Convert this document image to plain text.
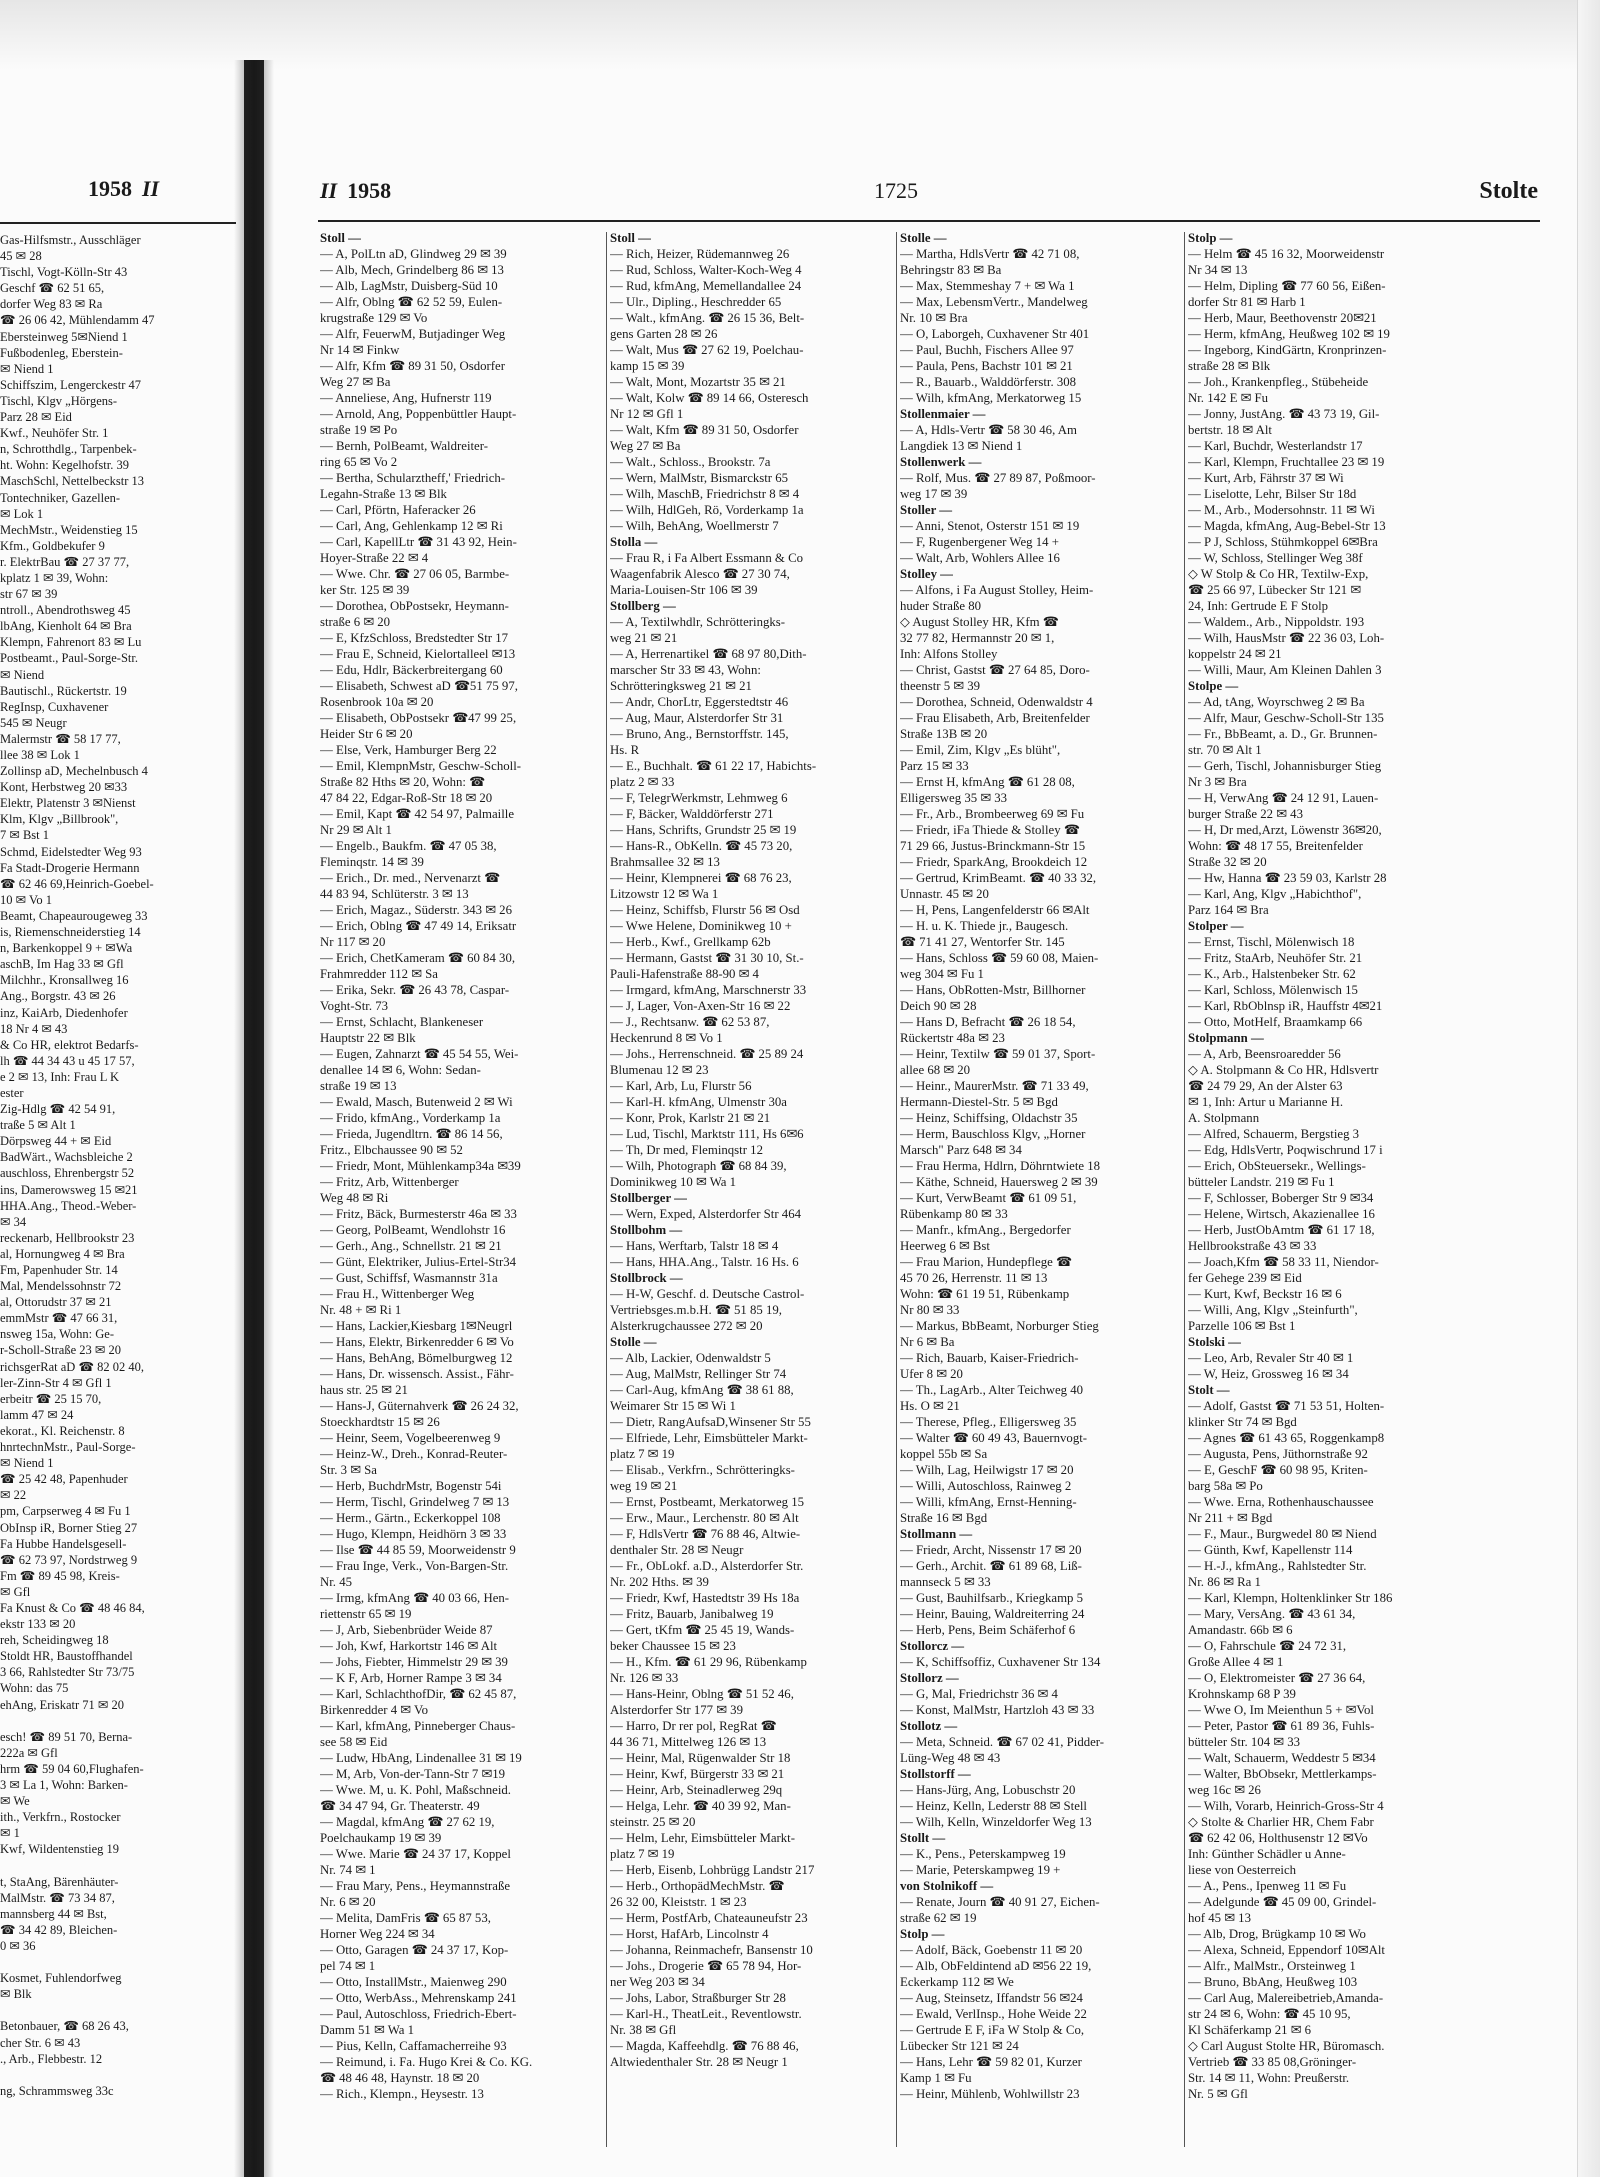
1958 II
Gas-Hilfsmstr., Ausschläger
45 ✉ 28
Tischl, Vogt-Kölln-Str 43
Geschf ☎ 62 51 65,
dorfer Weg 83 ✉ Ra
☎ 26 06 42, Mühlendamm 47
Ebersteinweg 5✉Niend 1
Fußbodenleg, Eberstein-
✉ Niend 1
Schiffszim, Lengerckestr 47
Tischl, Klgv „Hörgens-
Parz 28 ✉ Eid
Kwf., Neuhöfer Str. 1
n, Schrotthdlg., Tarpenbek-
ht. Wohn: Kegelhofstr. 39
MaschSchl, Nettelbeckstr 13
Tontechniker, Gazellen-
✉ Lok 1
MechMstr., Weidenstieg 15
Kfm., Goldbekufer 9
r. ElektrBau ☎ 27 37 77,
kplatz 1 ✉ 39, Wohn:
str 67 ✉ 39
ntroll., Abendrothsweg 45
lbAng, Kienholt 64 ✉ Bra
Klempn, Fahrenort 83 ✉ Lu
Postbeamt., Paul-Sorge-Str.
✉ Niend
Bautischl., Rückertstr. 19
RegInsp, Cuxhavener
545 ✉ Neugr
Malermstr ☎ 58 17 77,
llee 38 ✉ Lok 1
Zollinsp aD, Mechelnbusch 4
Kont, Herbstweg 20 ✉33
Elektr, Platenstr 3 ✉Nienst
Klm, Klgv „Billbrook",
7 ✉ Bst 1
Schmd, Eidelstedter Weg 93
Fa Stadt-Drogerie Hermann
☎ 62 46 69,Heinrich-Goebel-
10 ✉ Vo 1
Beamt, Chapeaurougeweg 33
is, Riemenschneiderstieg 14
n, Barkenkoppel 9 + ✉Wa
aschB, Im Hag 33 ✉ Gfl
Milchhr., Kronsallweg 16
Ang., Borgstr. 43 ✉ 26
inz, KaiArb, Diedenhofer
18 Nr 4 ✉ 43
& Co HR, elektrot Bedarfs-
lh ☎ 44 34 43 u 45 17 57,
e 2 ✉ 13, Inh: Frau L K
ester
Zig-Hdlg ☎ 42 54 91,
traße 5 ✉ Alt 1
Dörpsweg 44 + ✉ Eid
BadWärt., Wachsbleiche 2
auschloss, Ehrenbergstr 52
ins, Damerowsweg 15 ✉21
HHA.Ang., Theod.-Weber-
✉ 34
reckenarb, Hellbrookstr 23
al, Hornungweg 4 ✉ Bra
Fm, Papenhuder Str. 14
Mal, Mendelssohnstr 72
al, Ottorudstr 37 ✉ 21
emmMstr ☎ 47 66 31,
nsweg 15a, Wohn: Ge-
r-Scholl-Straße 23 ✉ 20
richsgerRat aD ☎ 82 02 40,
ler-Zinn-Str 4 ✉ Gfl 1
erbeitr ☎ 25 15 70,
lamm 47 ✉ 24
ekorat., Kl. Reichenstr. 8
hnrtechnMstr., Paul-Sorge-
✉ Niend 1
☎ 25 42 48, Papenhuder
✉ 22
pm, Carpserweg 4 ✉ Fu 1
ObInsp iR, Borner Stieg 27
Fa Hubbe Handelsgesell-
☎ 62 73 97, Nordstrweg 9
Fm ☎ 89 45 98, Kreis-
✉ Gfl
Fa Knust & Co ☎ 48 46 84,
ekstr 133 ✉ 20
reh, Scheidingweg 18
Stoldt HR, Baustoffhandel
3 66, Rahlstedter Str 73/75
Wohn: das 75
ehAng, Eriskatr 71 ✉ 20

esch! ☎ 89 51 70, Berna-
222a ✉ Gfl
hrm ☎ 59 04 60,Flughafen-
3 ✉ La 1, Wohn: Barken-
✉ We
ith., Verkfrn., Rostocker
✉ 1
Kwf, Wildentenstieg 19

t, StaAng, Bärenhäuter-
MalMstr. ☎ 73 34 87,
mannsberg 44 ✉ Bst,
☎ 34 42 89, Bleichen-
0 ✉ 36

Kosmet, Fuhlendorfweg
✉ Blk

Betonbauer, ☎ 68 26 43,
cher Str. 6 ✉ 43
., Arb., Flebbestr. 12

ng, Schrammsweg 33c
II 1958	1725	Stolte
Stoll —
— A, PolLtn aD, Glindweg 29 ✉ 39
— Alb, Mech, Grindelberg 86 ✉ 13
— Alb, LagMstr, Duisberg-Süd 10
— Alfr, Oblng ☎ 62 52 59, Eulen-
krugstraße 129 ✉ Vo
— Alfr, FeuerwM, Butjadinger Weg
Nr 14 ✉ Finkw
— Alfr, Kfm ☎ 89 31 50, Osdorfer
Weg 27 ✉ Ba
— Anneliese, Ang, Hufnerstr 119
— Arnold, Ang, Poppenbüttler Haupt-
straße 19 ✉ Po
— Bernh, PolBeamt, Waldreiter-
ring 65 ✉ Vo 2
— Bertha, Schularztheff,' Friedrich-
Legahn-Straße 13 ✉ Blk
— Carl, Pförtn, Haferacker 26
— Carl, Ang, Gehlenkamp 12 ✉ Ri
— Carl, KapellLtr ☎ 31 43 92, Hein-
Hoyer-Straße 22 ✉ 4
— Wwe. Chr. ☎ 27 06 05, Barmbe-
ker Str. 125 ✉ 39
— Dorothea, ObPostsekr, Heymann-
straße 6 ✉ 20
— E, KfzSchloss, Bredstedter Str 17
— Frau E, Schneid, Kielortalleel ✉13
— Edu, Hdlr, Bäckerbreitergang 60
— Elisabeth, Schwest aD ☎51 75 97,
Rosenbrook 10a ✉ 20
— Elisabeth, ObPostsekr ☎47 99 25,
Heider Str 6 ✉ 20
— Else, Verk, Hamburger Berg 22
— Emil, KlempnMstr, Geschw-Scholl-
Straße 82 Hths ✉ 20, Wohn: ☎
47 84 22, Edgar-Roß-Str 18 ✉ 20
— Emil, Kapt ☎ 42 54 97, Palmaille
Nr 29 ✉ Alt 1
— Engelb., Baukfm. ☎ 47 05 38,
Fleminqstr. 14 ✉ 39
— Erich., Dr. med., Nervenarzt ☎
44 83 94, Schlüterstr. 3 ✉ 13
— Erich, Magaz., Süderstr. 343 ✉ 26
— Erich, Oblng ☎ 47 49 14, Eriksatr
Nr 117 ✉ 20
— Erich, ChetKameram ☎ 60 84 30,
Frahmredder 112 ✉ Sa
— Erika, Sekr. ☎ 26 43 78, Caspar-
Voght-Str. 73
— Ernst, Schlacht, Blankeneser
Hauptstr 22 ✉ Blk
— Eugen, Zahnarzt ☎ 45 54 55, Wei-
denallee 14 ✉ 6, Wohn: Sedan-
straße 19 ✉ 13
— Ewald, Masch, Butenweid 2 ✉ Wi
— Frido, kfmAng., Vorderkamp 1a
— Frieda, Jugendltrn. ☎ 86 14 56,
Fritz., Elbchaussee 90 ✉ 52
— Friedr, Mont, Mühlenkamp34a ✉39
— Fritz, Arb, Wittenberger
Weg 48 ✉ Ri
— Fritz, Bäck, Burmesterstr 46a ✉ 33
— Georg, PolBeamt, Wendlohstr 16
— Gerh., Ang., Schnellstr. 21 ✉ 21
— Günt, Elektriker, Julius-Ertel-Str34
— Gust, Schiffsf, Wasmannstr 31a
— Frau H., Wittenberger Weg
Nr. 48 + ✉ Ri 1
— Hans, Lackier,Kiesbarg 1✉Neugrl
— Hans, Elektr, Birkenredder 6 ✉ Vo
— Hans, BehAng, Bömelburgweg 12
— Hans, Dr. wissensch. Assist., Fähr-
haus str. 25 ✉ 21
— Hans-J, Güternahverk ☎ 26 24 32,
Stoeckhardtstr 15 ✉ 26
— Heinr, Seem, Vogelbeerenweg 9
— Heinz-W., Dreh., Konrad-Reuter-
Str. 3 ✉ Sa
— Herb, BuchdrMstr, Bogenstr 54i
— Herm, Tischl, Grindelweg 7 ✉ 13
— Herm., Gärtn., Eckerkoppel 108
— Hugo, Klempn, Heidhörn 3 ✉ 33
— Ilse ☎ 44 85 59, Moorweidenstr 9
— Frau Inge, Verk., Von-Bargen-Str.
Nr. 45
— Irmg, kfmAng ☎ 40 03 66, Hen-
riettenstr 65 ✉ 19
— J, Arb, Siebenbrüder Weide 87
— Joh, Kwf, Harkortstr 146 ✉ Alt
— Johs, Fiebter, Himmelstr 29 ✉ 39
— K F, Arb, Horner Rampe 3 ✉ 34
— Karl, SchlachthofDir, ☎ 62 45 87,
Birkenredder 4 ✉ Vo
— Karl, kfmAng, Pinneberger Chaus-
see 58 ✉ Eid
— Ludw, HbAng, Lindenallee 31 ✉ 19
— M, Arb, Von-der-Tann-Str 7 ✉19
— Wwe. M, u. K. Pohl, Maßschneid.
☎ 34 47 94, Gr. Theaterstr. 49
— Magdal, kfmAng ☎ 27 62 19,
Poelchaukamp 19 ✉ 39
— Wwe. Marie ☎ 24 37 17, Koppel
Nr. 74 ✉ 1
— Frau Mary, Pens., Heymannstraße
Nr. 6 ✉ 20
— Melita, DamFris ☎ 65 87 53,
Horner Weg 224 ✉ 34
— Otto, Garagen ☎ 24 37 17, Kop-
pel 74 ✉ 1
— Otto, InstallMstr., Maienweg 290
— Otto, WerbAss., Mehrenskamp 241
— Paul, Autoschloss, Friedrich-Ebert-
Damm 51 ✉ Wa 1
— Pius, Kelln, Caffamacherreihe 93
— Reimund, i. Fa. Hugo Krei & Co. KG.
☎ 48 46 48, Haynstr. 18 ✉ 20
— Rich., Klempn., Heysestr. 13
Stoll —
— Rich, Heizer, Rüdemannweg 26
— Rud, Schloss, Walter-Koch-Weg 4
— Rud, kfmAng, Memellandallee 24
— Ulr., Diplіng., Heschredder 65
— Walt., kfmAng. ☎ 26 15 36, Belt-
gens Garten 28 ✉ 26
— Walt, Mus ☎ 27 62 19, Poelchau-
kamp 15 ✉ 39
— Walt, Mont, Mozartstr 35 ✉ 21
— Walt, Kolw ☎ 89 14 66, Osteresch
Nr 12 ✉ Gfl 1
— Walt, Kfm ☎ 89 31 50, Osdorfer
Weg 27 ✉ Ba
— Walt., Schloss., Brookstr. 7a
— Wern, MalMstr, Bismarckstr 65
— Wilh, MaschB, Friedrichstr 8 ✉ 4
— Wilh, HdlGeh, Rö, Vorderkamp 1a
— Wilh, BehAng, Woellmerstr 7
Stolla —
— Frau R, i Fa Albert Essmann & Co
Waagenfabrik Alesco ☎ 27 30 74,
Maria-Louisen-Str 106 ✉ 39
Stollberg —
— A, Textilwhdlr, Schrötteringks-
weg 21 ✉ 21
— A, Herrenartikel ☎ 68 97 80,Dith-
marscher Str 33 ✉ 43, Wohn:
Schrötteringksweg 21 ✉ 21
— Andr, ChorLtr, Eggerstedtstr 46
— Aug, Maur, Alsterdorfer Str 31
— Bruno, Ang., Bernstorffstr. 145,
Hs. R
— E., Buchhalt. ☎ 61 22 17, Habichts-
platz 2 ✉ 33
— F, TelegrWerkmstr, Lehmweg 6
— F, Bäcker, Walddörferstr 271
— Hans, Schrifts, Grundstr 25 ✉ 19
— Hans-R., ObKelln. ☎ 45 73 20,
Brahmsallee 32 ✉ 13
— Heinr, Klempnerei ☎ 68 76 23,
Litzowstr 12 ✉ Wa 1
— Heinz, Schiffsb, Flurstr 56 ✉ Osd
— Wwe Helene, Dominikweg 10 +
— Herb., Kwf., Grellkamp 62b
— Hermann, Gastst ☎ 31 30 10, St.-
Pauli-Hafenstraße 88-90 ✉ 4
— Irmgard, kfmAng, Marschnerstr 33
— J, Lager, Von-Axen-Str 16 ✉ 22
— J., Rechtsanw. ☎ 62 53 87,
Heckenrund 8 ✉ Vo 1
— Johs., Herrenschneid. ☎ 25 89 24
Blumenau 12 ✉ 23
— Karl, Arb, Lu, Flurstr 56
— Karl-H. kfmAng, Ulmenstr 30a
— Konr, Prok, Karlstr 21 ✉ 21
— Lud, Tischl, Marktstr 111, Hs 6✉6
— Th, Dr med, Fleminqstr 12
— Wilh, Photograph ☎ 68 84 39,
Dominikweg 10 ✉ Wa 1
Stollberger —
— Wern, Exped, Alsterdorfer Str 464
Stollbohm —
— Hans, Werftarb, Talstr 18 ✉ 4
— Hans, HHA.Ang., Talstr. 16 Hs. 6
Stollbrock —
— H-W, Geschf. d. Deutsche Castrol-
Vertriebsges.m.b.H. ☎ 51 85 19,
Alsterkrugchaussee 272 ✉ 20
Stolle —
— Alb, Lackier, Odenwaldstr 5
— Aug, MalMstr, Rellinger Str 74
— Carl-Aug, kfmAng ☎ 38 61 88,
Weimarer Str 15 ✉ Wi 1
— Dietr, RangAufsaD,Winsener Str 55
— Elfriede, Lehr, Eimsbütteler Markt-
platz 7 ✉ 19
— Elisab., Verkfrn., Schrötteringks-
weg 19 ✉ 21
— Ernst, Postbeamt, Merkatorweg 15
— Erw., Maur., Lerchenstr. 80 ✉ Alt
— F, HdlsVertr ☎ 76 88 46, Altwie-
denthaler Str. 28 ✉ Neugr
— Fr., ObLokf. a.D., Alsterdorfer Str.
Nr. 202 Hths. ✉ 39
— Friedr, Kwf, Hastedtstr 39 Hs 18a
— Fritz, Bauarb, Janibalweg 19
— Gert, tKfm ☎ 25 45 19, Wands-
beker Chaussee 15 ✉ 23
— H., Kfm. ☎ 61 29 96, Rübenkamp
Nr. 126 ✉ 33
— Hans-Heinr, Oblng ☎ 51 52 46,
Alsterdorfer Str 177 ✉ 39
— Harro, Dr rer pol, RegRat ☎
44 36 71, Mittelweg 126 ✉ 13
— Heinr, Mal, Rügenwalder Str 18
— Heinr, Kwf, Bürgerstr 33 ✉ 21
— Heinr, Arb, Steinadlerweg 29q
— Helga, Lehr. ☎ 40 39 92, Man-
steinstr. 25 ✉ 20
— Helm, Lehr, Eimsbütteler Markt-
platz 7 ✉ 19
— Herb, Eisenb, Lohbrügg Landstr 217
— Herb., OrthopädMechMstr. ☎
26 32 00, Kleiststr. 1 ✉ 23
— Herm, PostfArb, Chateauneufstr 23
— Horst, HafArb, Lincolnstr 4
— Johanna, Reinmachefr, Bansenstr 10
— Johs., Drogerie ☎ 65 78 94, Hor-
ner Weg 203 ✉ 34
— Johs, Labor, Straßburger Str 28
— Karl-H., TheatLeit., Reventlowstr.
Nr. 38 ✉ Gfl
— Magda, Kaffeehdlg. ☎ 76 88 46,
Altwiedenthaler Str. 28 ✉ Neugr 1
Stolle —
— Martha, HdlsVertr ☎ 42 71 08,
Behringstr 83 ✉ Ba
— Max, Stemmeshay 7 + ✉ Wa 1
— Max, LebensmVertr., Mandelweg
Nr. 10 ✉ Bra
— O, Laborgeh, Cuxhavener Str 401
— Paul, Buchh, Fischers Allee 97
— Paula, Pens, Bachstr 101 ✉ 21
— R., Bauarb., Walddörferstr. 308
— Wilh, kfmAng, Merkatorweg 15
Stollenmaier —
— A, Hdls-Vertr ☎ 58 30 46, Am
Langdiek 13 ✉ Niend 1
Stollenwerk —
— Rolf, Mus. ☎ 27 89 87, Poßmoor-
weg 17 ✉ 39
Stoller —
— Anni, Stenot, Osterstr 151 ✉ 19
— F, Rugenbergener Weg 14 +
— Walt, Arb, Wohlers Allee 16
Stolley —
— Alfons, i Fa August Stolley, Heim-
huder Straße 80
◇ August Stolley HR, Kfm ☎
32 77 82, Hermannstr 20 ✉ 1,
Inh: Alfons Stolley
— Christ, Gastst ☎ 27 64 85, Doro-
theenstr 5 ✉ 39
— Dorothea, Schneid, Odenwaldstr 4
— Frau Elisabeth, Arb, Breitenfelder
Straße 13B ✉ 20
— Emil, Zim, Klgv „Es blüht",
Parz 15 ✉ 33
— Ernst H, kfmAng ☎ 61 28 08,
Elligersweg 35 ✉ 33
— Fr., Arb., Brombeerweg 69 ✉ Fu
— Friedr, iFa Thiede & Stolley ☎
71 29 66, Justus-Brinckmann-Str 15
— Friedr, SparkAng, Brookdeich 12
— Gertrud, KrimBeamt. ☎ 40 33 32,
Unnastr. 45 ✉ 20
— H, Pens, Langenfelderstr 66 ✉Alt
— H. u. K. Thiede jr., Baugesch.
☎ 71 41 27, Wentorfer Str. 145
— Hans, Schloss ☎ 59 60 08, Maien-
weg 304 ✉ Fu 1
— Hans, ObRotten-Mstr, Billhorner
Deich 90 ✉ 28
— Hans D, Befracht ☎ 26 18 54,
Rückertstr 48a ✉ 23
— Heinr, Textilw ☎ 59 01 37, Sport-
allee 68 ✉ 20
— Heinr., MaurerMstr. ☎ 71 33 49,
Hermann-Diestel-Str. 5 ✉ Bgd
— Heinz, Schiffsing, Oldachstr 35
— Herm, Bauschloss Klgv, „Horner
Marsch" Parz 648 ✉ 34
— Frau Herma, Hdlrn, Döhrntwiete 18
— Käthe, Schneid, Hauersweg 2 ✉ 39
— Kurt, VerwBeamt ☎ 61 09 51,
Rübenkamp 80 ✉ 33
— Manfr., kfmAng., Bergedorfer
Heerweg 6 ✉ Bst
— Frau Marion, Hundepflege ☎
45 70 26, Herrenstr. 11 ✉ 13
Wohn: ☎ 61 19 51, Rübenkamp
Nr 80 ✉ 33
— Markus, BbBeamt, Norburger Stieg
Nr 6 ✉ Ba
— Rich, Bauarb, Kaiser-Friedrich-
Ufer 8 ✉ 20
— Th., LagArb., Alter Teichweg 40
Hs. O ✉ 21
— Therese, Pfleg., Elligersweg 35
— Walter ☎ 60 49 43, Bauernvogt-
koppel 55b ✉ Sa
— Wilh, Lag, Heilwigstr 17 ✉ 20
— Willi, Autoschloss, Rainweg 2
— Willi, kfmAng, Ernst-Henning-
Straße 16 ✉ Bgd
Stollmann —
— Friedr, Archt, Nissenstr 17 ✉ 20
— Gerh., Archit. ☎ 61 89 68, Liß-
mannseck 5 ✉ 33
— Gust, Bauhilfsarb., Kriegkamp 5
— Heinr, Bauing, Waldreiterring 24
— Herb, Pens, Beim Schäferhof 6
Stollorcz —
— K, Schiffsoffiz, Cuxhavener Str 134
Stollorz —
— G, Mal, Friedrichstr 36 ✉ 4
— Konst, MalMstr, Hartzloh 43 ✉ 33
Stollotz —
— Meta, Schneid. ☎ 67 02 41, Pidder-
Lüng-Weg 48 ✉ 43
Stollstorff —
— Hans-Jürg, Ang, Lobuschstr 20
— Heinz, Kelln, Lederstr 88 ✉ Stell
— Wilh, Kelln, Winzeldorfer Weg 13
Stollt —
— K., Pens., Peterskampweg 19
— Marie, Peterskampweg 19 +
von Stolnikoff —
— Renate, Journ ☎ 40 91 27, Eichen-
straße 62 ✉ 19
Stolp —
— Adolf, Bäck, Goebenstr 11 ✉ 20
— Alb, ObFeldintend aD ✉56 22 19,
Eckerkamp 112 ✉ We
— Aug, Steinsetz, Iffandstr 56 ✉24
— Ewald, VerlInsp., Hohe Weide 22
— Gertrude E F, iFa W Stolp & Co,
Lübecker Str 121 ✉ 24
— Hans, Lehr ☎ 59 82 01, Kurzer
Kamp 1 ✉ Fu
— Heinr, Mühlenb, Wohlwillstr 23
Stolp —
— Helm ☎ 45 16 32, Moorweidenstr
Nr 34 ✉ 13
— Helm, Dipling ☎ 77 60 56, Eißen-
dorfer Str 81 ✉ Harb 1
— Herb, Maur, Beethovenstr 20✉21
— Herm, kfmAng, Heußweg 102 ✉ 19
— Ingeborg, KindGärtn, Kronprinzen-
straße 28 ✉ Blk
— Joh., Krankenpfleg., Stübeheide
Nr. 142 E ✉ Fu
— Jonny, JustAng. ☎ 43 73 19, Gil-
bertstr. 18 ✉ Alt
— Karl, Buchdr, Westerlandstr 17
— Karl, Klempn, Fruchtallee 23 ✉ 19
— Kurt, Arb, Fährstr 37 ✉ Wi
— Liselotte, Lehr, Bilser Str 18d
— M., Arb., Modersohnstr. 11 ✉ Wi
— Magda, kfmAng, Aug-Bebel-Str 13
— P J, Schloss, Stühmkoppel 6✉Bra
— W, Schloss, Stellinger Weg 38f
◇ W Stolp & Co HR, Textilw-Exp,
☎ 25 66 97, Lübecker Str 121 ✉
24, Inh: Gertrude E F Stolp
— Waldem., Arb., Nippoldstr. 193
— Wilh, HausMstr ☎ 22 36 03, Loh-
koppelstr 24 ✉ 21
— Willi, Maur, Am Kleinen Dahlen 3
Stolpe —
— Ad, tAng, Woyrschweg 2 ✉ Ba
— Alfr, Maur, Geschw-Scholl-Str 135
— Fr., BbBeamt, a. D., Gr. Brunnen-
str. 70 ✉ Alt 1
— Gerh, Tischl, Johannisburger Stieg
Nr 3 ✉ Bra
— H, VerwAng ☎ 24 12 91, Lauen-
burger Straße 22 ✉ 43
— H, Dr med,Arzt, Löwenstr 36✉20,
Wohn: ☎ 48 17 55, Breitenfelder
Straße 32 ✉ 20
— Hw, Hanna ☎ 23 59 03, Karlstr 28
— Karl, Ang, Klgv „Habichthof",
Parz 164 ✉ Bra
Stolper —
— Ernst, Tischl, Mölenwisch 18
— Fritz, StaArb, Neuhöfer Str. 21
— K., Arb., Halstenbeker Str. 62
— Karl, Schloss, Mölenwisch 15
— Karl, RbOblnsp iR, Hauffstr 4✉21
— Otto, MotHelf, Braamkamp 66
Stolpmann —
— A, Arb, Beensroaredder 56
◇ A. Stolpmann & Co HR, Hdlsvertr
☎ 24 79 29, An der Alster 63
✉ 1, Inh: Artur u Marianne H.
A. Stolpmann
— Alfred, Schauerm, Bergstieg 3
— Edg, HdlsVertr, Poqwischrund 17 i
— Erich, ObSteuersekr., Wellings-
bütteler Landstr. 219 ✉ Fu 1
— F, Schlosser, Boberger Str 9 ✉34
— Helene, Wirtsch, Akazienallee 16
— Herb, JustObAmtm ☎ 61 17 18,
Hellbrookstraße 43 ✉ 33
— Joach,Kfm ☎ 58 33 11, Niendor-
fer Gehege 239 ✉ Eid
— Kurt, Kwf, Beckstr 16 ✉ 6
— Willi, Ang, Klgv „Steinfurth",
Parzelle 106 ✉ Bst 1
Stolski —
— Leo, Arb, Revaler Str 40 ✉ 1
— W, Heiz, Grossweg 16 ✉ 34
Stolt —
— Adolf, Gastst ☎ 71 53 51, Holten-
klinker Str 74 ✉ Bgd
— Agnes ☎ 61 43 65, Roggenkamp8
— Augusta, Pens, Jüthornstraße 92
— E, GeschF ☎ 60 98 95, Kriten-
barg 58a ✉ Po
— Wwe. Erna, Rothenhauschaussee
Nr 211 + ✉ Bgd
— F., Maur., Burgwedel 80 ✉ Niend
— Günth, Kwf, Kapellenstr 114
— H.-J., kfmAng., Rahlstedter Str.
Nr. 86 ✉ Ra 1
— Karl, Klempn, Holtenklinker Str 186
— Mary, VersAng. ☎ 43 61 34,
Amandastr. 66b ✉ 6
— O, Fahrschule ☎ 24 72 31,
Große Allee 4 ✉ 1
— O, Elektromeister ☎ 27 36 64,
Krohnskamp 68 P 39
— Wwe O, Im Meienthun 5 + ✉Vol
— Peter, Pastor ☎ 61 89 36, Fuhls-
bütteler Str. 104 ✉ 33
— Walt, Schauerm, Weddestr 5 ✉34
— Walter, BbObsekr, Mettlerkamps-
weg 16c ✉ 26
— Wilh, Vorarb, Heinrich-Gross-Str 4
◇ Stolte & Charlier HR, Chem Fabr
☎ 62 42 06, Holthusenstr 12 ✉Vo
Inh: Günther Schädler u Anne-
liese von Oesterreich
— A., Pens., Ipenweg 11 ✉ Fu
— Adelgunde ☎ 45 09 00, Grindel-
hof 45 ✉ 13
— Alb, Drog, Brügkamp 10 ✉ Wo
— Alexa, Schneid, Eppendorf 10✉Alt
— Alfr., MalMstr., Orsteinweg 1
— Bruno, BbAng, Heußweg 103
— Carl Aug, Malereibetrieb,Amanda-
str 24 ✉ 6, Wohn: ☎ 45 10 95,
Kl Schäferkamp 21 ✉ 6
◇ Carl August Stolte HR, Büromasch.
Vertrieb ☎ 33 85 08,Gröninger-
Str. 14 ✉ 11, Wohn: Preußerstr.
Nr. 5 ✉ Gfl
